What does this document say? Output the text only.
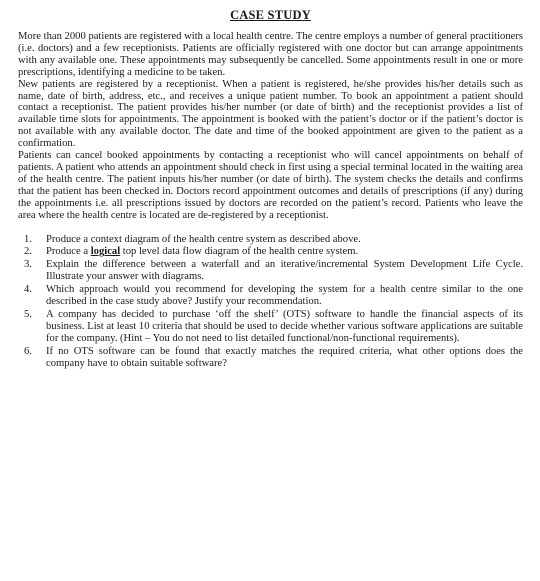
CASE STUDY

More than 2000 patients are registered with a local health centre. The centre employs a number of general practitioners (i.e. doctors) and a few receptionists. Patients are officially registered with one doctor but can arrange appointments with any available one. These appointments may subsequently be cancelled. Some appointments result in one or more prescriptions, identifying a medicine to be taken.

New patients are registered by a receptionist. When a patient is registered, he/she provides his/her details such as name, date of birth, address, etc., and receives a unique patient number. To book an appointment a patient should contact a receptionist. The patient provides his/her number (or date of birth) and the receptionist provides a list of available time slots for appointments. The appointment is booked with the patient’s doctor or if the patient’s doctor is not available with any available doctor. The date and time of the booked appointment are given to the patient as a confirmation.

Patients can cancel booked appointments by contacting a receptionist who will cancel appointments on behalf of patients. A patient who attends an appointment should check in first using a special terminal located in the waiting area of the health centre. The patient inputs his/her number (or date of birth). The system checks the details and confirms that the patient has been checked in. Doctors record appointment outcomes and details of prescriptions (if any) during the appointments i.e. all prescriptions issued by doctors are recorded on the patient’s record. Patients who leave the area where the health centre is located are de-registered by a receptionist.

1.	Produce a context diagram of the health centre system as described above.
2.	Produce a logical top level data flow diagram of the health centre system.
3.	Explain the difference between a waterfall and an iterative/incremental System Development Life Cycle. Illustrate your answer with diagrams.
4.	Which approach would you recommend for developing the system for a health centre similar to the one described in the case study above? Justify your recommendation.
5.	A company has decided to purchase ‘off the shelf’ (OTS) software to handle the financial aspects of its business. List at least 10 criteria that should be used to decide whether various software applications are suitable for the company. (Hint – You do not need to list detailed functional/non-functional requirements).
6.	If no OTS software can be found that exactly matches the required criteria, what other options does the company have to obtain suitable software?
